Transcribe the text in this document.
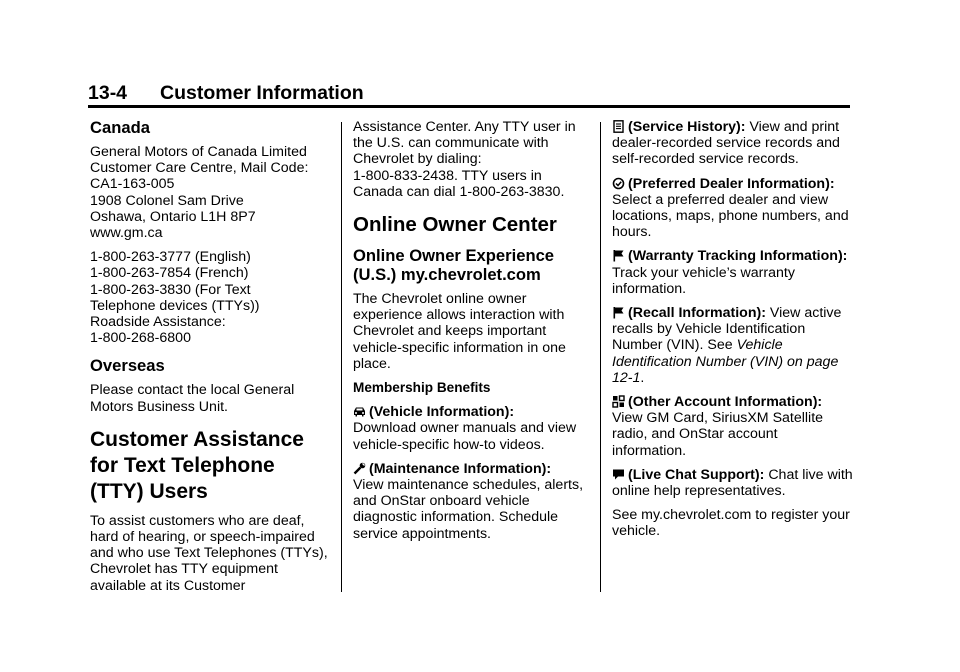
13-4 Customer Information
Canada

General Motors of Canada Limited
Customer Care Centre, Mail Code:
CA1-163-005
1908 Colonel Sam Drive
Oshawa, Ontario L1H 8P7
www.gm.ca

1-800-263-3777 (English)
1-800-263-7854 (French)
1-800-263-3830 (For Text
Telephone devices (TTYs))
Roadside Assistance:
1-800-268-6800

Overseas

Please contact the local General
Motors Business Unit.

Customer Assistance for Text Telephone (TTY) Users

To assist customers who are deaf, hard of hearing, or speech-impaired and who use Text Telephones (TTYs), Chevrolet has TTY equipment available at its Customer

Assistance Center. Any TTY user in the U.S. can communicate with Chevrolet by dialing:
1-800-833-2438. TTY users in Canada can dial 1-800-263-3830.

Online Owner Center
Online Owner Experience (U.S.) my.chevrolet.com

The Chevrolet online owner experience allows interaction with Chevrolet and keeps important vehicle-specific information in one place.

Membership Benefits

(Vehicle Information):
Download owner manuals and view vehicle-specific how-to videos.

(Maintenance Information):
View maintenance schedules, alerts, and OnStar onboard vehicle diagnostic information. Schedule service appointments.

(Service History): View and print dealer-recorded service records and self-recorded service records.

(Preferred Dealer Information): Select a preferred dealer and view locations, maps, phone numbers, and hours.

(Warranty Tracking Information): Track your vehicle’s warranty information.

(Recall Information): View active recalls by Vehicle Identification Number (VIN). See Vehicle Identification Number (VIN) on page 12-1.

(Other Account Information):
View GM Card, SiriusXM Satellite radio, and OnStar account information.

(Live Chat Support): Chat live with online help representatives.

See my.chevrolet.com to register your vehicle.
